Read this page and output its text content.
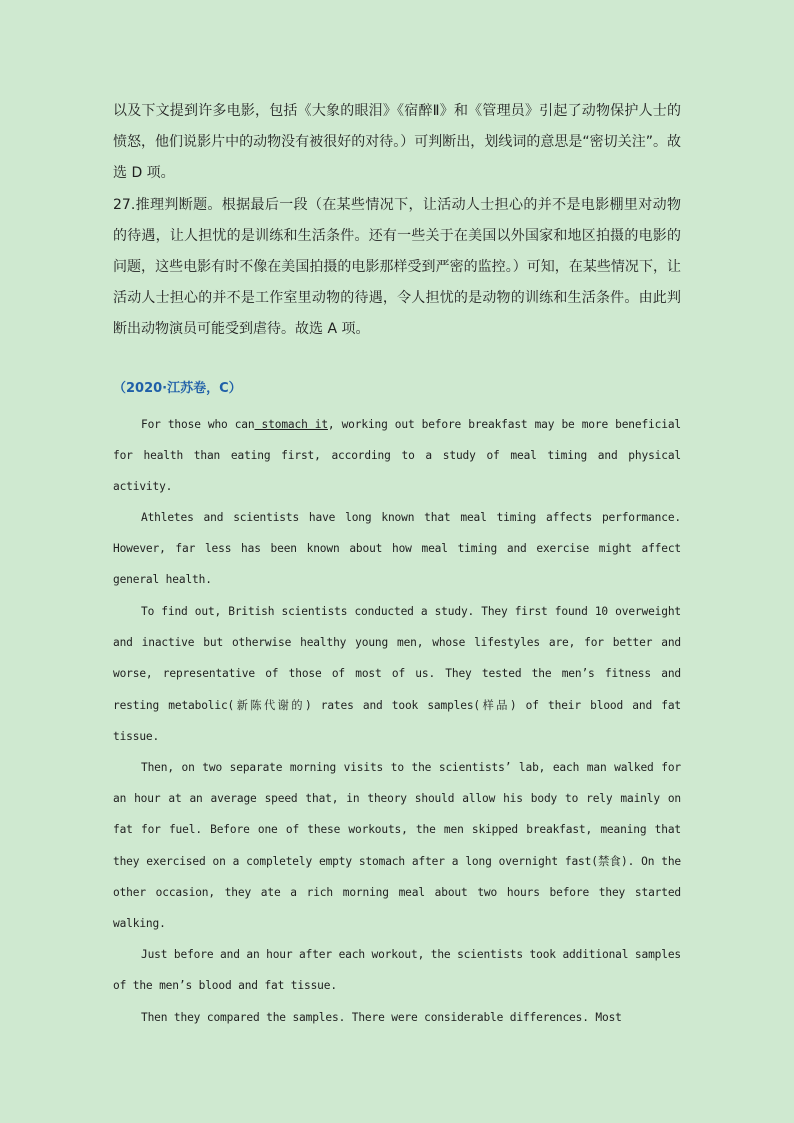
以及下文提到许多电影，包括《大象的眼泪》《宿醉Ⅱ》和《管理员》引起了动物保护人士的愤怒，他们说影片中的动物没有被很好的对待。）可判断出，划线词的意思是“密切关注”。故选 D 项。

27.推理判断题。根据最后一段（在某些情况下，让活动人士担心的并不是电影棚里对动物的待遇，让人担忧的是训练和生活条件。还有一些关于在美国以外国家和地区拍摄的电影的问题，这些电影有时不像在美国拍摄的电影那样受到严密的监控。）可知，在某些情况下，让活动人士担心的并不是工作室里动物的待遇，令人担忧的是动物的训练和生活条件。由此判断出动物演员可能受到虐待。故选 A 项。

（2020·江苏卷，C）

For those who can stomach it, working out before breakfast may be more beneficial for health than eating first, according to a study of meal timing and physical activity.

Athletes and scientists have long known that meal timing affects performance. However, far less has been known about how meal timing and exercise might affect general health.

To find out, British scientists conducted a study. They first found 10 overweight and inactive but otherwise healthy young men, whose lifestyles are, for better and worse, representative of those of most of us. They tested the men’s fitness and resting metabolic(新陈代谢的) rates and took samples(样品) of their blood and fat tissue.

Then, on two separate morning visits to the scientists’ lab, each man walked for an hour at an average speed that, in theory should allow his body to rely mainly on fat for fuel. Before one of these workouts, the men skipped breakfast, meaning that they exercised on a completely empty stomach after a long overnight fast(禁食). On the other occasion, they ate a rich morning meal about two hours before they started walking.

Just before and an hour after each workout, the scientists took additional samples of the men’s blood and fat tissue.

Then they compared the samples. There were considerable differences. Most
